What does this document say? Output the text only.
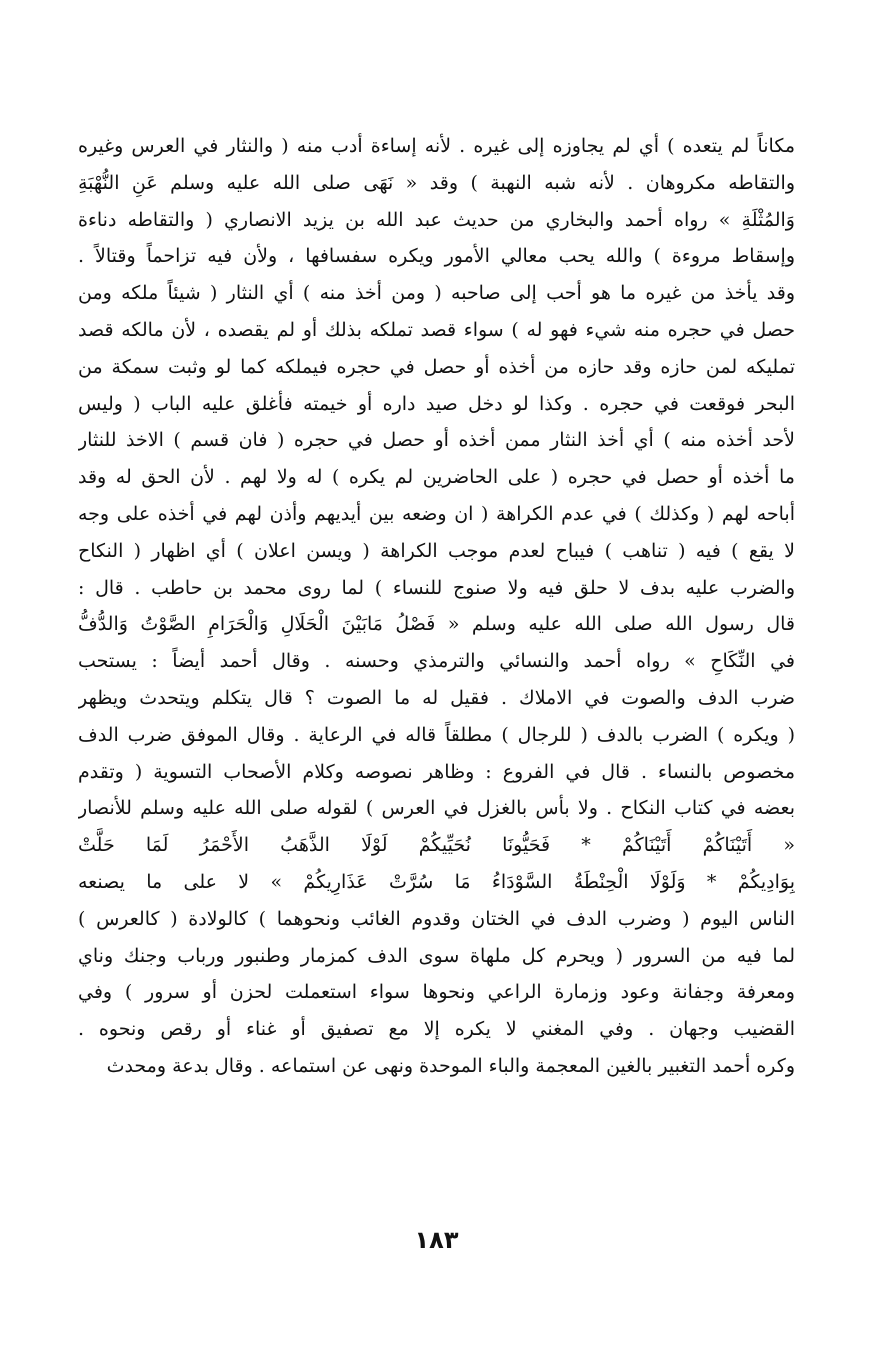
مكاناً لم يتعده ) أي لم يجاوزه إلى غيره . لأنه إساءة أدب منه ( والنثار في العرس وغيره
والتقاطه مكروهان . لأنه شبه النهبة ) وقد « نَهَى صلى الله عليه وسلم عَنِ النُّهْبَةِ
وَالمُثْلَةِ » رواه أحمد والبخاري من حديث عبد الله بن يزيد الانصاري ( والتقاطه دناءة
وإسقاط مروءة ) والله يحب معالي الأمور ويكره سفسافها ، ولأن فيه تزاحماً وقتالاً .
وقد يأخذ من غيره ما هو أحب إلى صاحبه ( ومن أخذ منه ) أي النثار ( شيئاً ملكه ومن
حصل في حجره منه شيء فهو له ) سواء قصد تملكه بذلك أو لم يقصده ، لأن مالكه قصد
تمليكه لمن حازه وقد حازه من أخذه أو حصل في حجره فيملكه كما لو وثبت سمكة من
البحر فوقعت في حجره . وكذا لو دخل صيد داره أو خيمته فأغلق عليه الباب ( وليس
لأحد أخذه منه ) أي أخذ النثار ممن أخذه أو حصل في حجره ( فان قسم ) الاخذ للنثار
ما أخذه أو حصل في حجره ( على الحاضرين لم يكره ) له ولا لهم . لأن الحق له وقد
أباحه لهم ( وكذلك ) في عدم الكراهة ( ان وضعه بين أيديهم وأذن لهم في أخذه على وجه
لا يقع ) فيه ( تناهب ) فيباح لعدم موجب الكراهة ( ويسن اعلان ) أي اظهار ( النكاح
والضرب عليه بدف لا حلق فيه ولا صنوج للنساء ) لما روى محمد بن حاطب . قال :
قال رسول الله صلى الله عليه وسلم « فَصْلُ مَابَيْنَ الْحَلَالِ وَالْحَرَامِ الصَّوْتُ وَالدُّفُّ
في النِّكَاحِ » رواه أحمد والنسائي والترمذي وحسنه . وقال أحمد أيضاً : يستحب
ضرب الدف والصوت في الاملاك . فقيل له ما الصوت ؟ قال يتكلم ويتحدث ويظهر
( ويكره ) الضرب بالدف ( للرجال ) مطلقاً قاله في الرعاية . وقال الموفق ضرب الدف
مخصوص بالنساء . قال في الفروع : وظاهر نصوصه وكلام الأصحاب التسوية ( وتقدم
بعضه في كتاب النكاح . ولا بأس بالغزل في العرس ) لقوله صلى الله عليه وسلم للأنصار
« أَتَيْنَاكُمْ أَتَيْنَاكُمْ * فَحَيُّونَا نُحَيِّيكُمْ لَوْلَا الذَّهَبُ الأَحْمَرُ لَمَا حَلَّتْ
بِوَادِيكُمْ * وَلَوْلَا الْحِنْطَةُ السَّوْدَاءُ مَا سُرَّتْ عَذَارِيكُمْ » لا على ما يصنعه
الناس اليوم ( وضرب الدف في الختان وقدوم الغائب ونحوهما ) كالولادة ( كالعرس )
لما فيه من السرور ( ويحرم كل ملهاة سوى الدف كمزمار وطنبور ورباب وجنك وناي
ومعرفة وجفانة وعود وزمارة الراعي ونحوها سواء استعملت لحزن أو سرور ) وفي
القضيب وجهان . وفي المغني لا يكره إلا مع تصفيق أو غناء أو رقص ونحوه .
وكره أحمد التغبير بالغين المعجمة والباء الموحدة ونهى عن استماعه . وقال بدعة ومحدث
١٨٣
